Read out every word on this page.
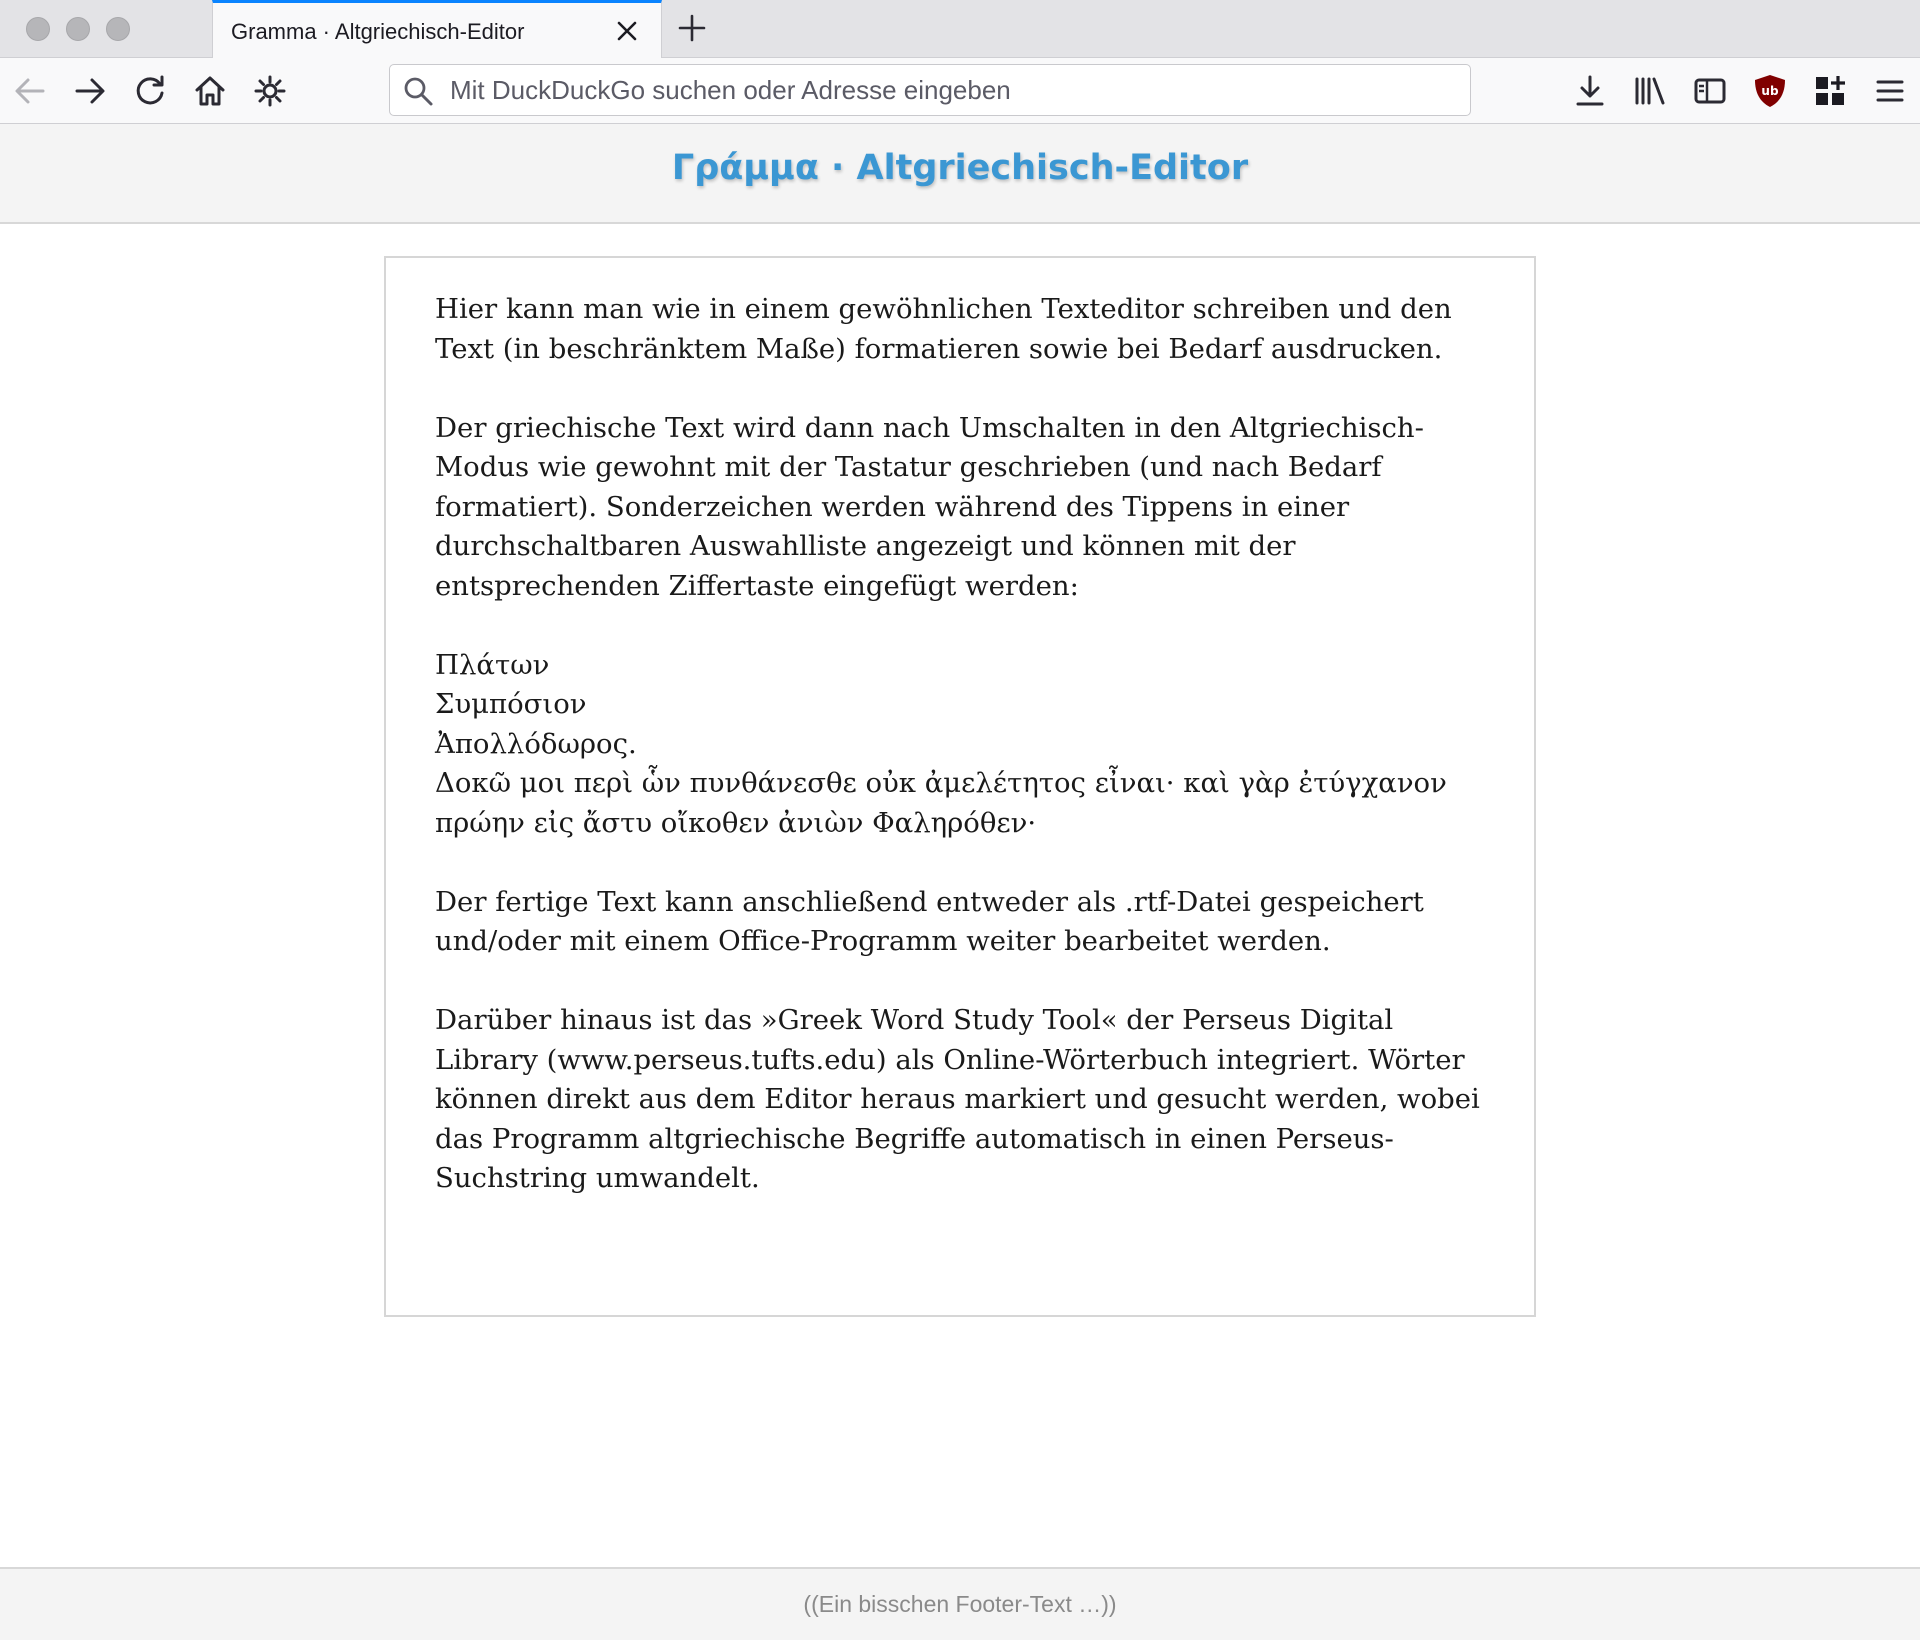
Gramma · Altgriechisch-Editor
Mit DuckDuckGo suchen oder Adresse eingeben
ub
Γράμμα · Altgriechisch-Editor

Hier kann man wie in einem gewöhnlichen Texteditor schreiben und den Text (in beschränktem Maße) formatieren sowie bei Bedarf ausdrucken.

Der griechische Text wird dann nach Umschalten in den Altgriechisch-Modus wie gewohnt mit der Tastatur geschrieben (und nach Bedarf formatiert). Sonderzeichen werden während des Tippens in einer durchschaltbaren Auswahlliste angezeigt und können mit der entsprechenden Ziffertaste eingefügt werden:

Πλάτων

Συμπόσιον

Ἀπολλόδωρος.

Δοκῶ μοι περὶ ὧν πυνθάνεσθε οὐκ ἀμελέτητος εἶναι· καὶ γὰρ ἐτύγχανον πρώην εἰς ἄστυ οἴκοθεν ἀνιὼν Φαληρόθεν·

Der fertige Text kann anschließend entweder als .rtf-Datei gespeichert und/oder mit einem Office-Programm weiter bearbeitet werden.

Darüber hinaus ist das »Greek Word Study Tool« der Perseus Digital Library (www.perseus.tufts.edu) als Online-Wörterbuch integriert. Wörter können direkt aus dem Editor heraus markiert und gesucht werden, wobei das Programm altgriechische Begriffe automatisch in einen Perseus-Suchstring umwandelt.

((Ein bisschen Footer-Text …))
